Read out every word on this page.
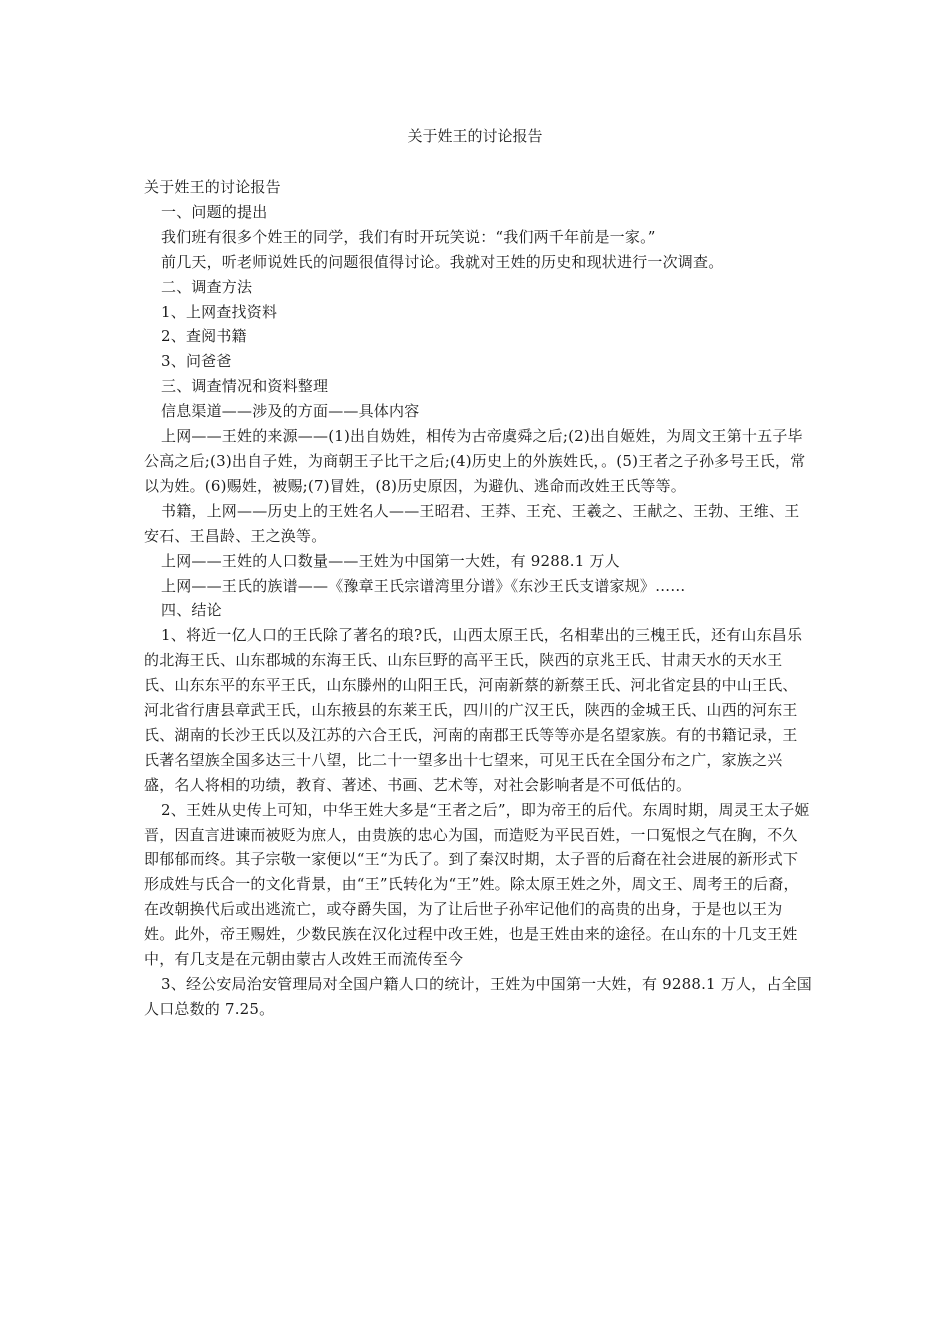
关于姓王的讨论报告

关于姓王的讨论报告

一、问题的提出

我们班有很多个姓王的同学，我们有时开玩笑说：“我们两千年前是一家。”

前几天，听老师说姓氏的问题很值得讨论。我就对王姓的历史和现状进行一次调查。

二、调查方法

1、上网查找资料

2、查阅书籍

3、问爸爸

三、调查情况和资料整理

信息渠道——涉及的方面——具体内容

上网——王姓的来源——(1)出自妫姓，相传为古帝虞舜之后;(2)出自姬姓，为周文王第十五子毕公高之后;(3)出自子姓，为商朝王子比干之后;(4)历史上的外族姓氏，。(5)王者之子孙多号王氏，常以为姓。(6)赐姓，被赐;(7)冒姓，(8)历史原因，为避仇、逃命而改姓王氏等等。

书籍，上网——历史上的王姓名人——王昭君、王莽、王充、王羲之、王献之、王勃、王维、王安石、王昌龄、王之涣等。

上网——王姓的人口数量——王姓为中国第一大姓，有 9288.1 万人

上网——王氏的族谱——《豫章王氏宗谱湾里分谱》《东沙王氏支谱家规》……

四、结论

1、将近一亿人口的王氏除了著名的琅?氏，山西太原王氏，名相辈出的三槐王氏，还有山东昌乐的北海王氏、山东郡城的东海王氏、山东巨野的高平王氏，陕西的京兆王氏、甘肃天水的天水王氏、山东东平的东平王氏，山东滕州的山阳王氏，河南新蔡的新蔡王氏、河北省定县的中山王氏、河北省行唐县章武王氏，山东掖县的东莱王氏，四川的广汉王氏，陕西的金城王氏、山西的河东王氏、湖南的长沙王氏以及江苏的六合王氏，河南的南郡王氏等等亦是名望家族。有的书籍记录，王氏著名望族全国多达三十八望，比二十一望多出十七望来，可见王氏在全国分布之广，家族之兴盛，名人将相的功绩，教育、著述、书画、艺术等，对社会影响者是不可低估的。

2、王姓从史传上可知，中华王姓大多是“王者之后”，即为帝王的后代。东周时期，周灵王太子姬晋，因直言进谏而被贬为庶人，由贵族的忠心为国，而造贬为平民百姓，一口冤恨之气在胸，不久即郁郁而终。其子宗敬一家便以“王“为氏了。到了秦汉时期，太子晋的后裔在社会进展的新形式下形成姓与氏合一的文化背景，由“王”氏转化为“王”姓。除太原王姓之外，周文王、周考王的后裔，在改朝换代后或出逃流亡，或夺爵失国，为了让后世子孙牢记他们的高贵的出身，于是也以王为姓。此外，帝王赐姓，少数民族在汉化过程中改王姓，也是王姓由来的途径。在山东的十几支王姓中，有几支是在元朝由蒙古人改姓王而流传至今

3、经公安局治安管理局对全国户籍人口的统计，王姓为中国第一大姓，有 9288.1 万人，占全国人口总数的 7.25。
